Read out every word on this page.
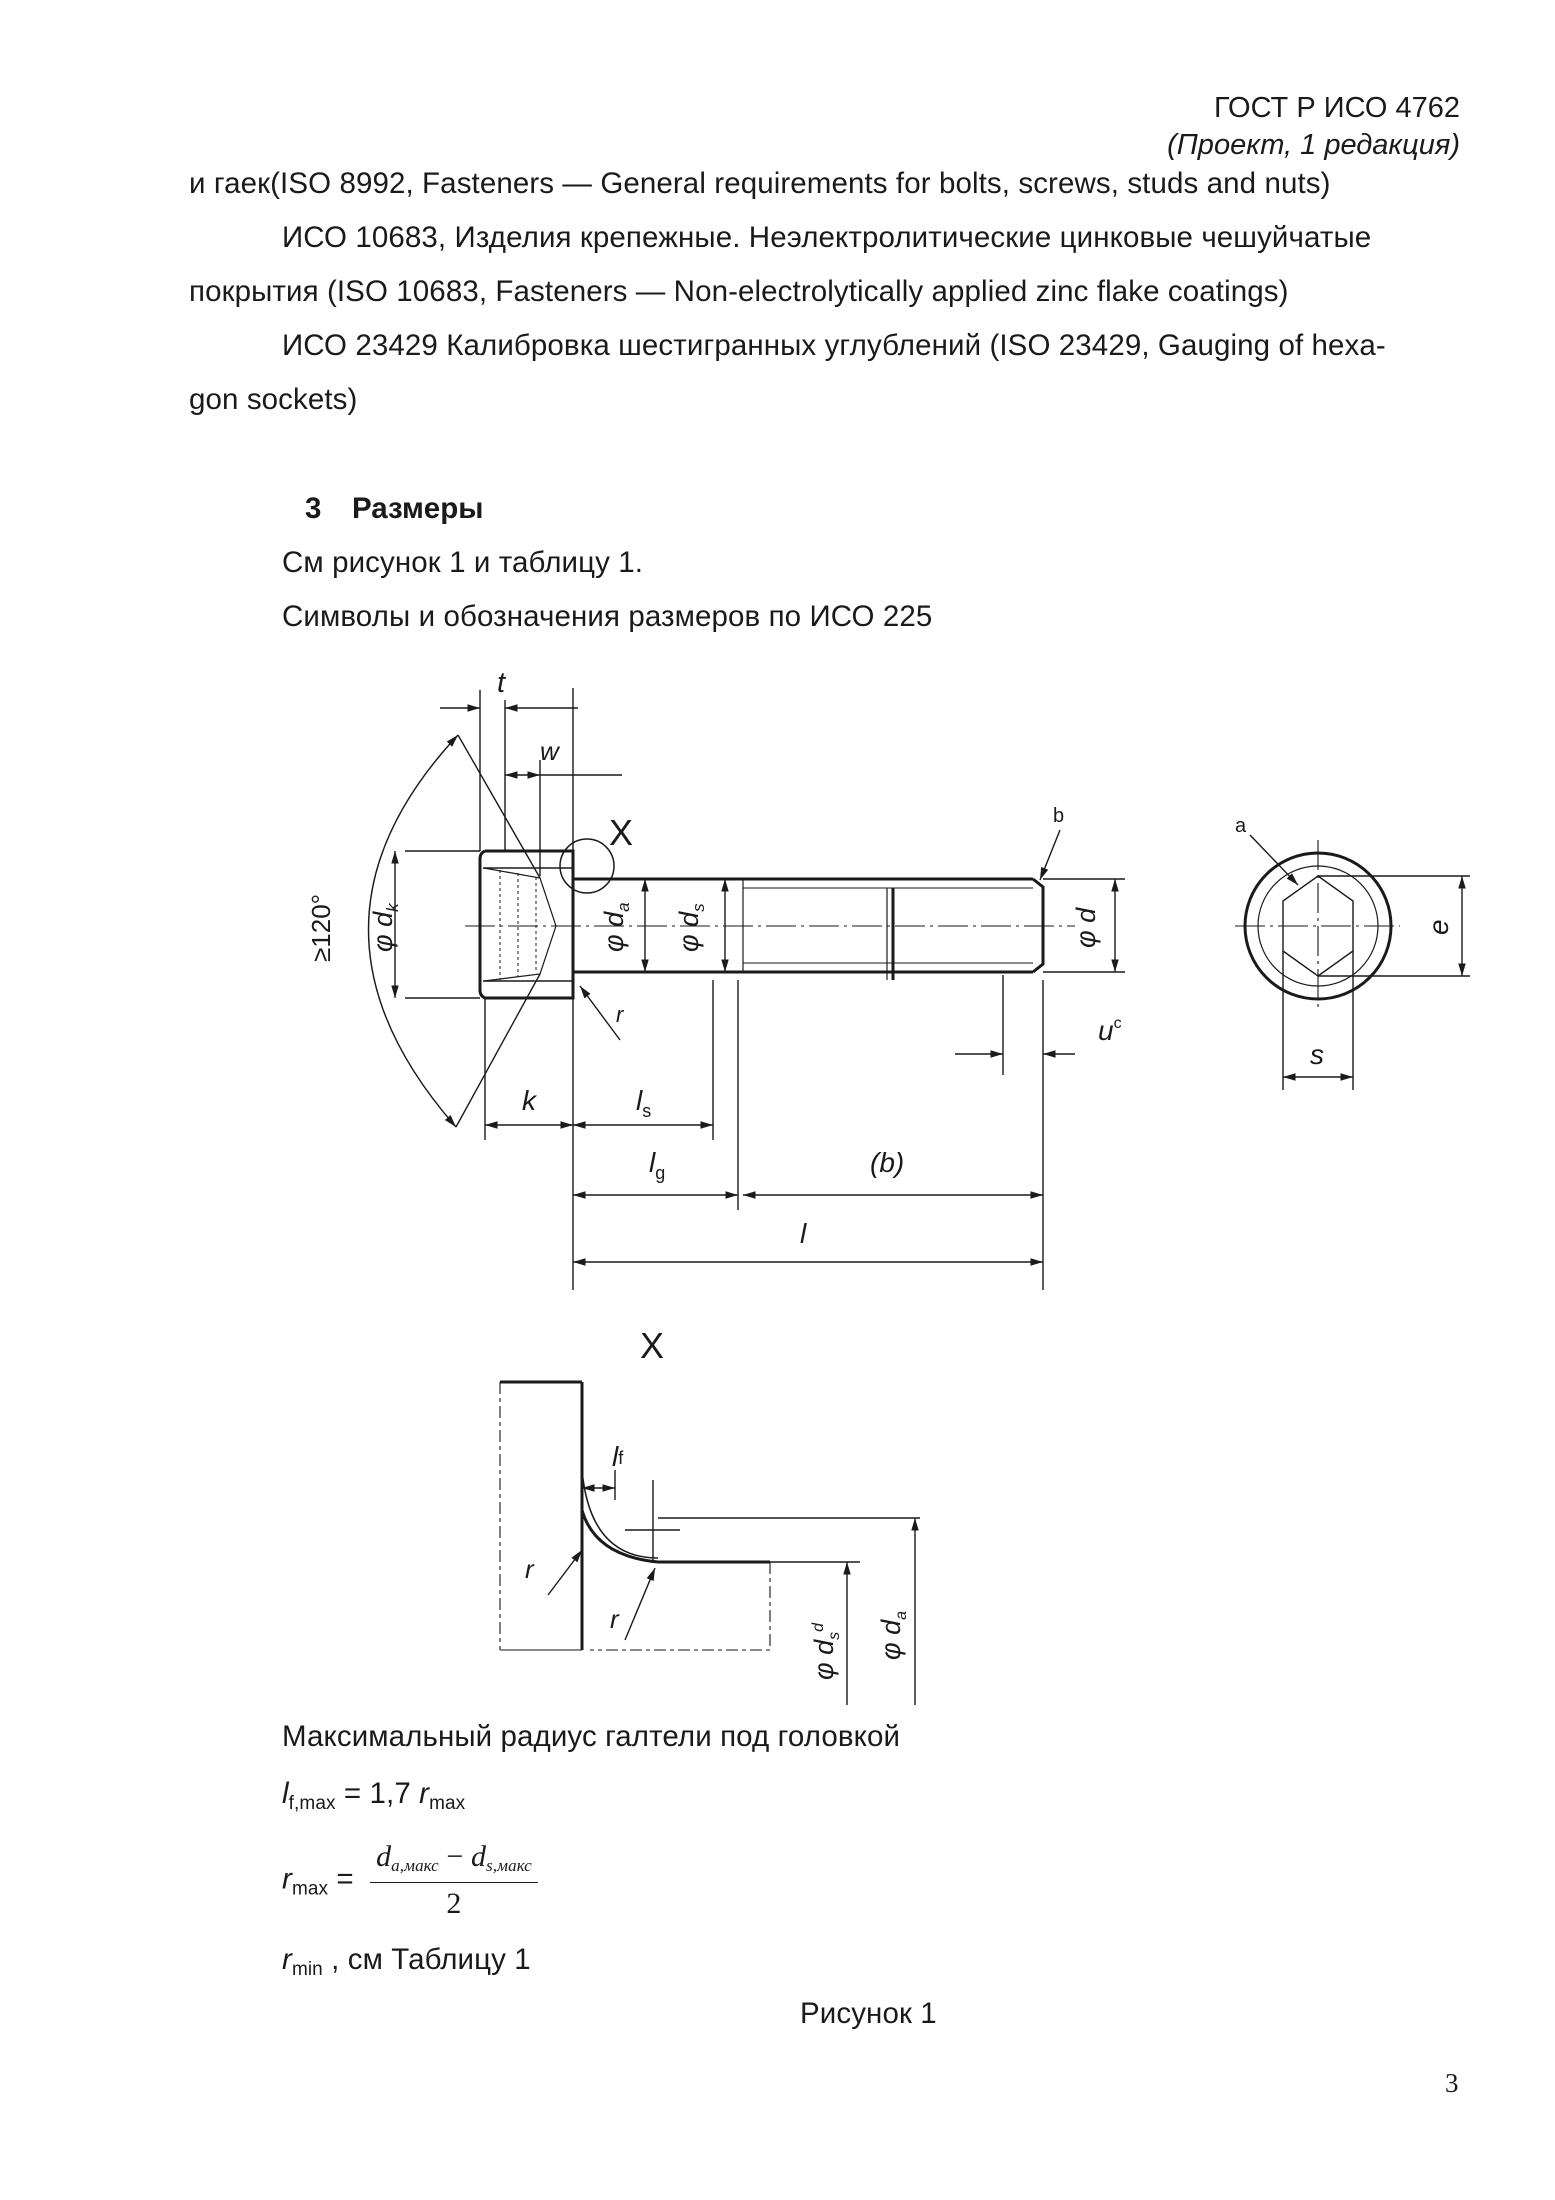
ГОСТ Р ИСО 4762
(Проект, 1 редакция)
и гаек(ISO 8992, Fasteners — General requirements for bolts, screws, studs and nuts)
ИСО 10683, Изделия крепежные. Неэлектролитические цинковые чешуйчатые
покрытия (ISO 10683, Fasteners — Non-electrolytically applied zinc flake coatings)
ИСО 23429 Калибровка шестигранных углублений (ISO 23429, Gauging of hexa-
gon sockets)
3 Размеры
См рисунок 1 и таблицу 1.
Символы и обозначения размеров по ИСО 225
t
w
X
≥120° φ $d_k$
φ $d_a$
φ $d_s$
φ d
r
k	$l_s$
$l_g$	(b)
l
$u^c$
b	a
e
s
X
lf
r
r
φ $d_s^d$	φ $d_a$
Максимальный радиус галтели под головкой
$l_{f,max} = 1,7$ $r_{max}$
$r_{max} = \frac{\text{da,макс − ds,макс}}{2}$
$r_{min}$ , см Таблицу 1
Рисунок 1
3
